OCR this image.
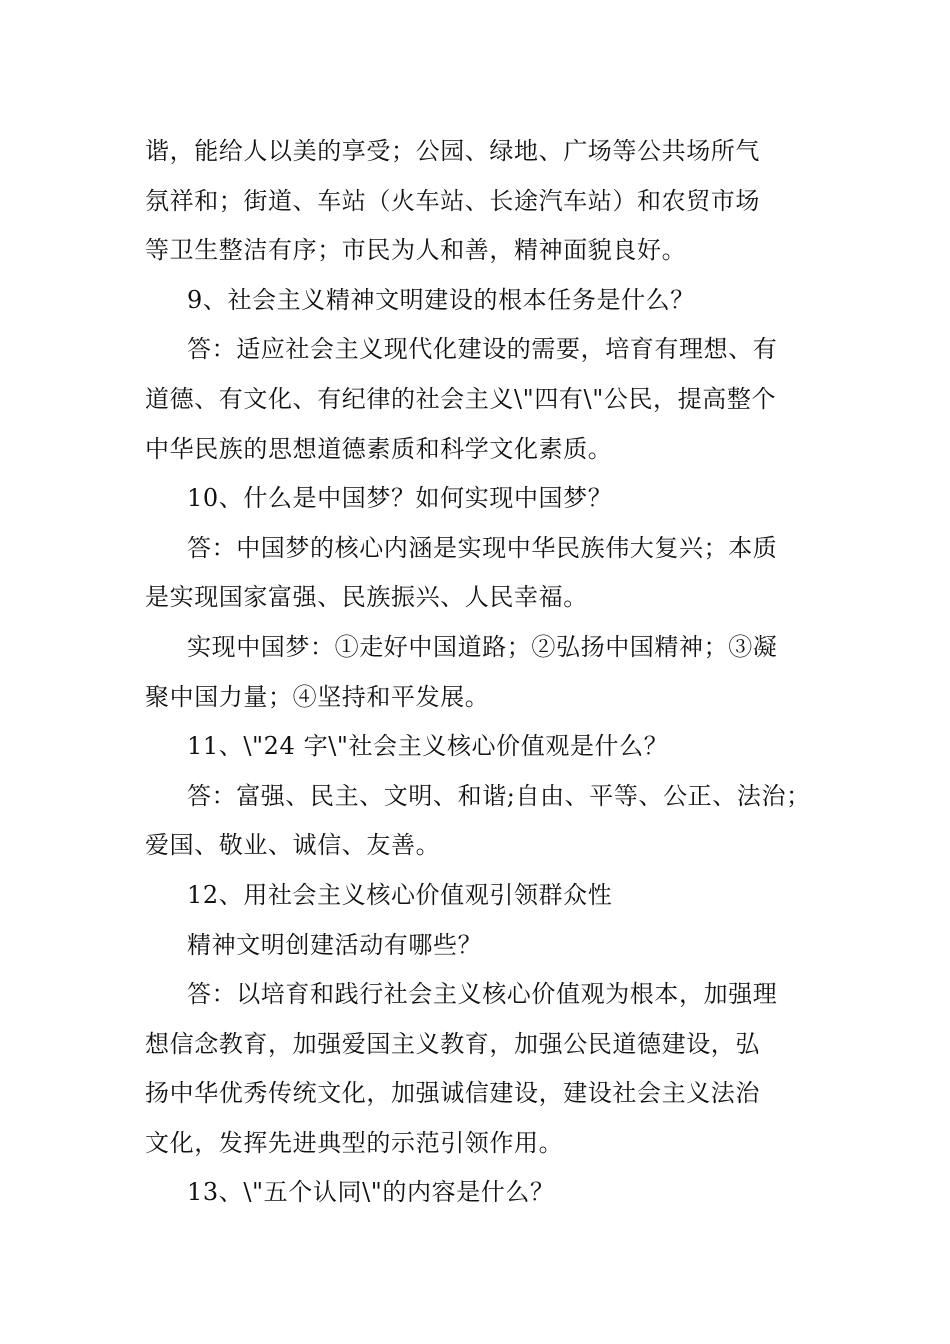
谐，能给人以美的享受；公园、绿地、广场等公共场所气
氛祥和；街道、车站（火车站、长途汽车站）和农贸市场
等卫生整洁有序；市民为人和善，精神面貌良好。
9、社会主义精神文明建设的根本任务是什么？
答：适应社会主义现代化建设的需要，培育有理想、有
道德、有文化、有纪律的社会主义\"四有\"公民，提高整个
中华民族的思想道德素质和科学文化素质。
10、什么是中国梦？如何实现中国梦？
答：中国梦的核心内涵是实现中华民族伟大复兴；本质
是实现国家富强、民族振兴、人民幸福。
实现中国梦：①走好中国道路；②弘扬中国精神；③凝
聚中国力量；④坚持和平发展。
11、\"24 字\"社会主义核心价值观是什么？
答：富强、民主、文明、和谐;自由、平等、公正、法治；
爱国、敬业、诚信、友善。
12、用社会主义核心价值观引领群众性
精神文明创建活动有哪些？
答：以培育和践行社会主义核心价值观为根本，加强理
想信念教育，加强爱国主义教育，加强公民道德建设，弘
扬中华优秀传统文化，加强诚信建设，建设社会主义法治
文化，发挥先进典型的示范引领作用。
13、\"五个认同\"的内容是什么？
